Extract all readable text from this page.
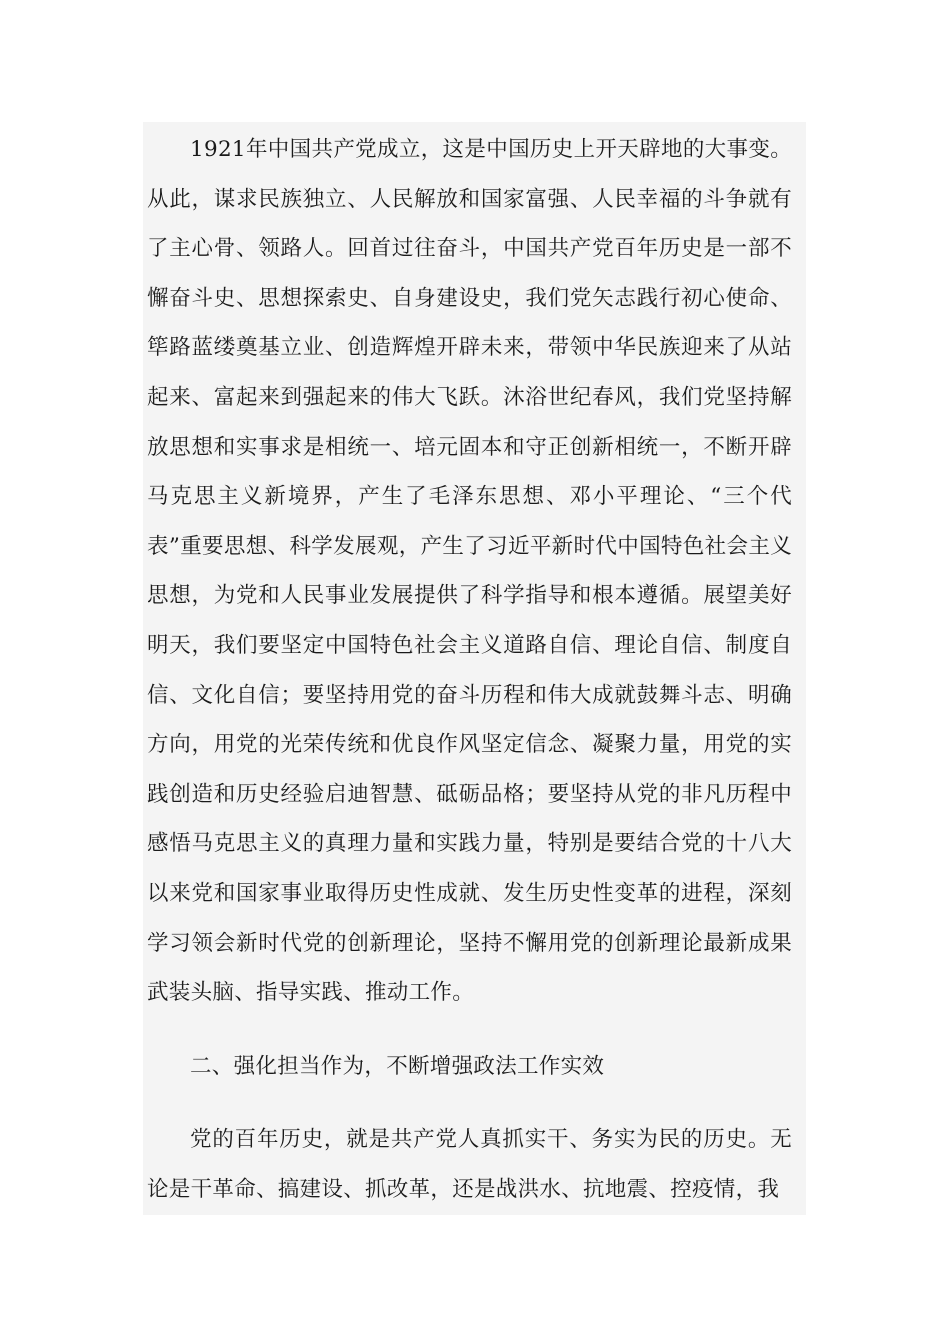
1921年中国共产党成立，这是中国历史上开天辟地的大事变。从此，谋求民族独立、人民解放和国家富强、人民幸福的斗争就有了主心骨、领路人。回首过往奋斗，中国共产党百年历史是一部不懈奋斗史、思想探索史、自身建设史，我们党矢志践行初心使命、筚路蓝缕奠基立业、创造辉煌开辟未来，带领中华民族迎来了从站起来、富起来到强起来的伟大飞跃。沐浴世纪春风，我们党坚持解放思想和实事求是相统一、培元固本和守正创新相统一，不断开辟马克思主义新境界，产生了毛泽东思想、邓小平理论、“三个代表”重要思想、科学发展观，产生了习近平新时代中国特色社会主义思想，为党和人民事业发展提供了科学指导和根本遵循。展望美好明天，我们要坚定中国特色社会主义道路自信、理论自信、制度自信、文化自信；要坚持用党的奋斗历程和伟大成就鼓舞斗志、明确方向，用党的光荣传统和优良作风坚定信念、凝聚力量，用党的实践创造和历史经验启迪智慧、砥砺品格；要坚持从党的非凡历程中感悟马克思主义的真理力量和实践力量，特别是要结合党的十八大以来党和国家事业取得历史性成就、发生历史性变革的进程，深刻学习领会新时代党的创新理论，坚持不懈用党的创新理论最新成果武装头脑、指导实践、推动工作。

二、强化担当作为，不断增强政法工作实效

党的百年历史，就是共产党人真抓实干、务实为民的历史。无论是干革命、搞建设、抓改革，还是战洪水、抗地震、控疫情，我
